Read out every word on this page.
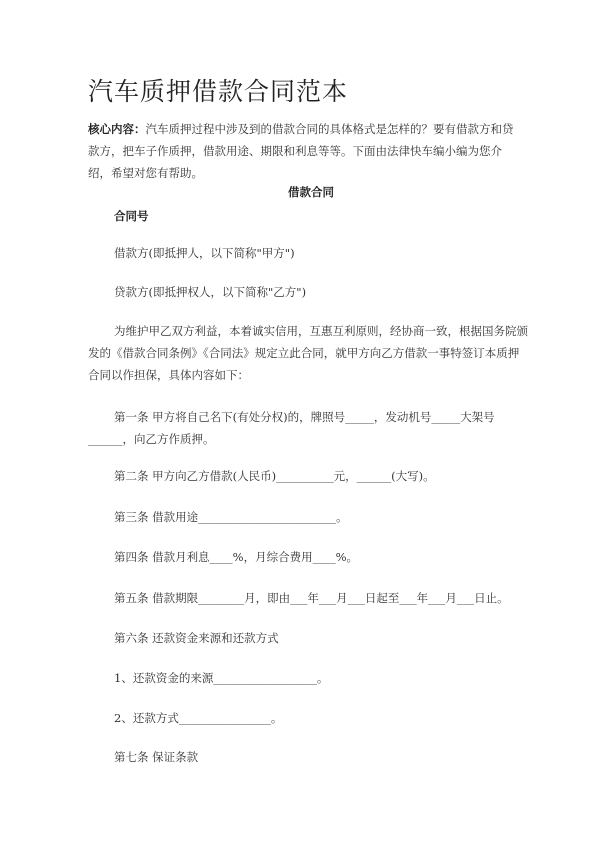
汽车质押借款合同范本
核心内容：汽车质押过程中涉及到的借款合同的具体格式是怎样的？要有借款方和贷款方，把车子作质押，借款用途、期限和利息等等。下面由法律快车编小编为您介绍，希望对您有帮助。
借款合同
合同号
借款方(即抵押人，以下简称"甲方")
贷款方(即抵押权人，以下简称"乙方")
为维护甲乙双方利益，本着诚实信用，互惠互利原则，经协商一致，根据国务院颁发的《借款合同条例》《合同法》规定立此合同，就甲方向乙方借款一事特签订本质押合同以作担保，具体内容如下：
第一条 甲方将自己名下(有处分权)的，牌照号_____，发动机号_____大架号______，向乙方作质押。
第二条 甲方向乙方借款(人民币)__________元，______(大写)。
第三条 借款用途________________________。
第四条 借款月利息____%，月综合费用____%。
第五条 借款期限________月，即由___年___月___日起至___年___月___日止。
第六条 还款资金来源和还款方式
1、还款资金的来源__________________。
2、还款方式________________。
第七条 保证条款
